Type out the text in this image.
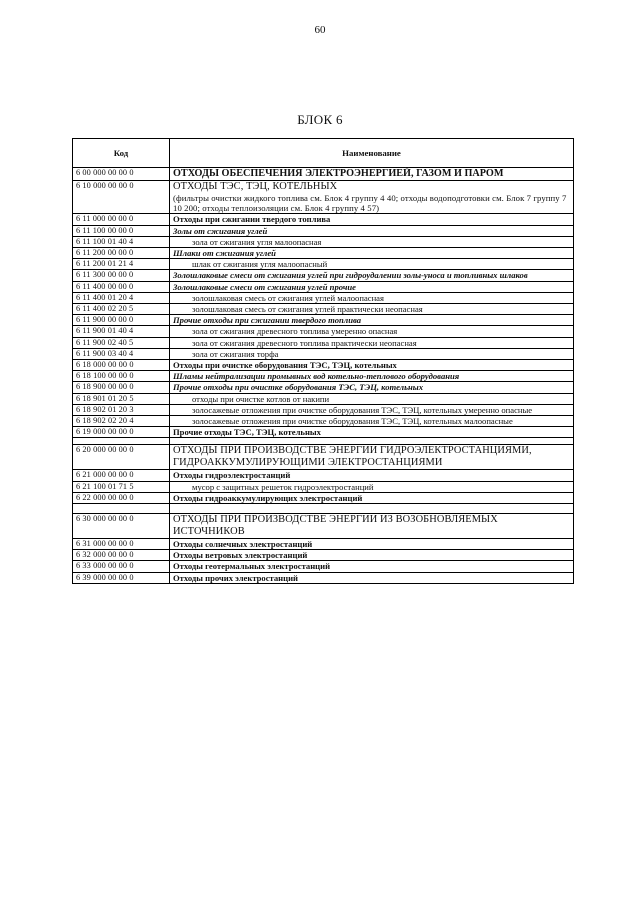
60
БЛОК 6
Код	Наименование
6 00 000 00 00 0	ОТХОДЫ ОБЕСПЕЧЕНИЯ ЭЛЕКТРОЭНЕРГИЕЙ, ГАЗОМ И ПАРОМ
6 10 000 00 00 0	ОТХОДЫ ТЭС, ТЭЦ, КОТЕЛЬНЫХ
(фильтры очистки жидкого топлива см. Блок 4 группу 4 40; отходы водоподготовки см. Блок 7 группу 7 10 200; отходы теплоизоляции см. Блок 4 группу 4 57)

6 11 000 00 00 0	Отходы при сжигании твердого топлива
6 11 100 00 00 0	Золы от сжигания углей
6 11 100 01 40 4	зола от сжигания угля малоопасная
6 11 200 00 00 0	Шлаки от сжигания углей
6 11 200 01 21 4	шлак от сжигания угля малоопасный
6 11 300 00 00 0	Золошлаковые смеси от сжигания углей при гидроудалении золы-уноса и топливных шлаков
6 11 400 00 00 0	Золошлаковые смеси от сжигания углей прочие
6 11 400 01 20 4	золошлаковая смесь от сжигания углей малоопасная
6 11 400 02 20 5	золошлаковая смесь от сжигания углей практически неопасная
6 11 900 00 00 0	Прочие отходы при сжигании твердого топлива
6 11 900 01 40 4	зола от сжигания древесного топлива умеренно опасная
6 11 900 02 40 5	зола от сжигания древесного топлива практически неопасная
6 11 900 03 40 4	зола от сжигания торфа
6 18 000 00 00 0	Отходы при очистке оборудования ТЭС, ТЭЦ, котельных
6 18 100 00 00 0	Шламы нейтрализации промывных вод котельно-теплового оборудования
6 18 900 00 00 0	Прочие отходы при очистке оборудования ТЭС, ТЭЦ, котельных
6 18 901 01 20 5	отходы при очистке котлов от накипи
6 18 902 01 20 3	золосажевые отложения при очистке оборудования ТЭС, ТЭЦ, котельных умеренно опасные
6 18 902 02 20 4	золосажевые отложения при очистке оборудования ТЭС, ТЭЦ, котельных малоопасные
6 19 000 00 00 0	Прочие отходы ТЭС, ТЭЦ, котельных

6 20 000 00 00 0	ОТХОДЫ ПРИ ПРОИЗВОДСТВЕ ЭНЕРГИИ ГИДРОЭЛЕКТРОСТАНЦИЯМИ, ГИДРОАККУМУЛИРУЮЩИМИ ЭЛЕКТРОСТАНЦИЯМИ
6 21 000 00 00 0	Отходы гидроэлектростанций
6 21 100 01 71 5	мусор с защитных решеток гидроэлектростанций
6 22 000 00 00 0	Отходы гидроаккумулирующих электростанций

6 30 000 00 00 0	ОТХОДЫ ПРИ ПРОИЗВОДСТВЕ ЭНЕРГИИ ИЗ ВОЗОБНОВЛЯЕМЫХ ИСТОЧНИКОВ
6 31 000 00 00 0	Отходы солнечных электростанций
6 32 000 00 00 0	Отходы ветровых электростанций
6 33 000 00 00 0	Отходы геотермальных электростанций
6 39 000 00 00 0	Отходы прочих электростанций
